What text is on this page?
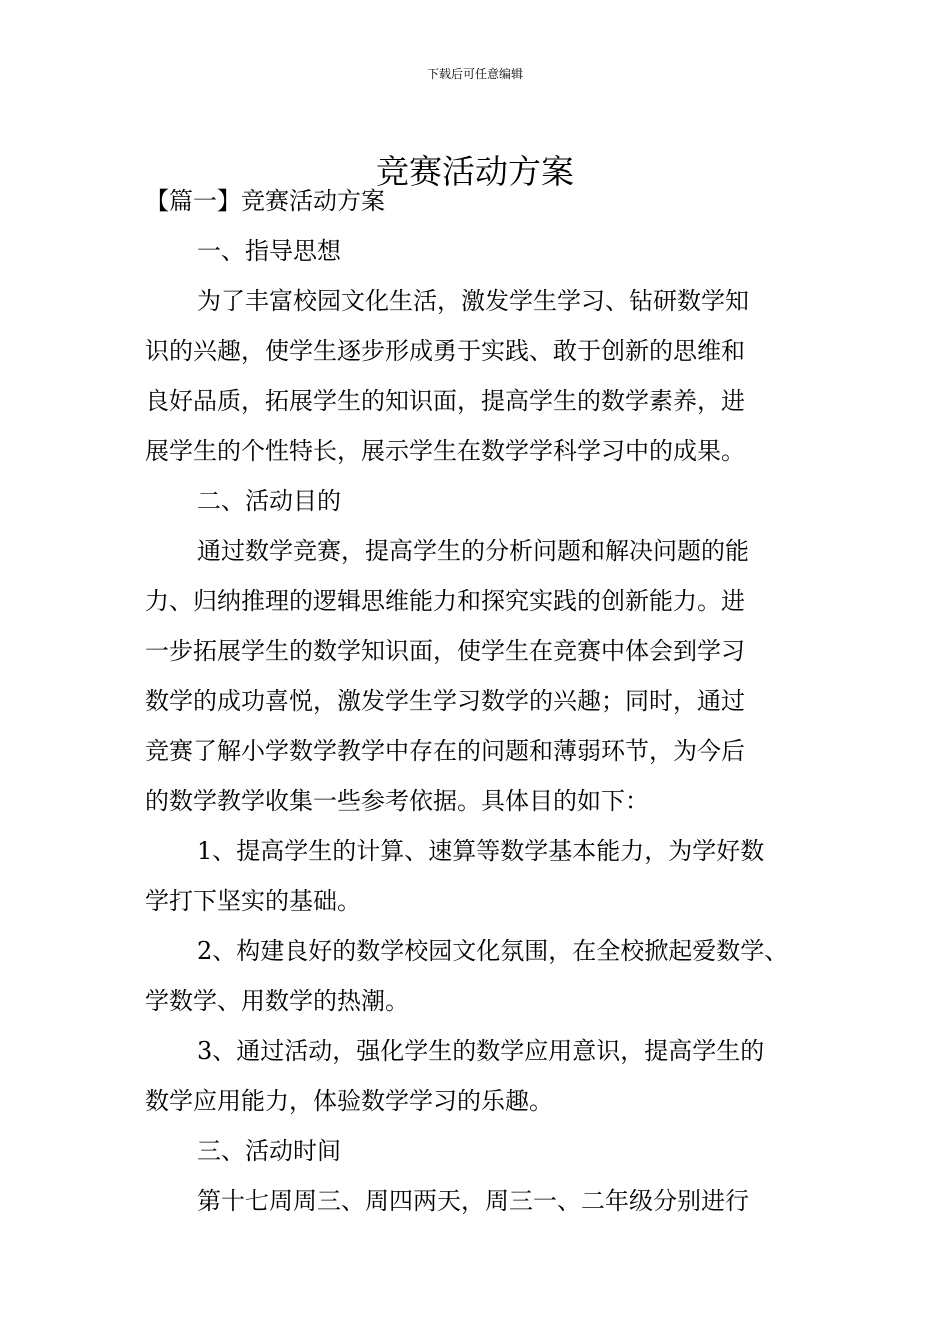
下载后可任意编辑
竞赛活动方案
【篇一】竞赛活动方案
一、指导思想
为了丰富校园文化生活，激发学生学习、钻研数学知
识的兴趣，使学生逐步形成勇于实践、敢于创新的思维和
良好品质，拓展学生的知识面，提高学生的数学素养，进
展学生的个性特长，展示学生在数学学科学习中的成果。
二、活动目的
通过数学竞赛，提高学生的分析问题和解决问题的能
力、归纳推理的逻辑思维能力和探究实践的创新能力。进
一步拓展学生的数学知识面，使学生在竞赛中体会到学习
数学的成功喜悦，激发学生学习数学的兴趣；同时，通过
竞赛了解小学数学教学中存在的问题和薄弱环节，为今后
的数学教学收集一些参考依据。具体目的如下：
1、提高学生的计算、速算等数学基本能力，为学好数
学打下坚实的基础。
2、构建良好的数学校园文化氛围，在全校掀起爱数学、
学数学、用数学的热潮。
3、通过活动，强化学生的数学应用意识，提高学生的
数学应用能力，体验数学学习的乐趣。
三、活动时间
第十七周周三、周四两天，周三一、二年级分别进行
